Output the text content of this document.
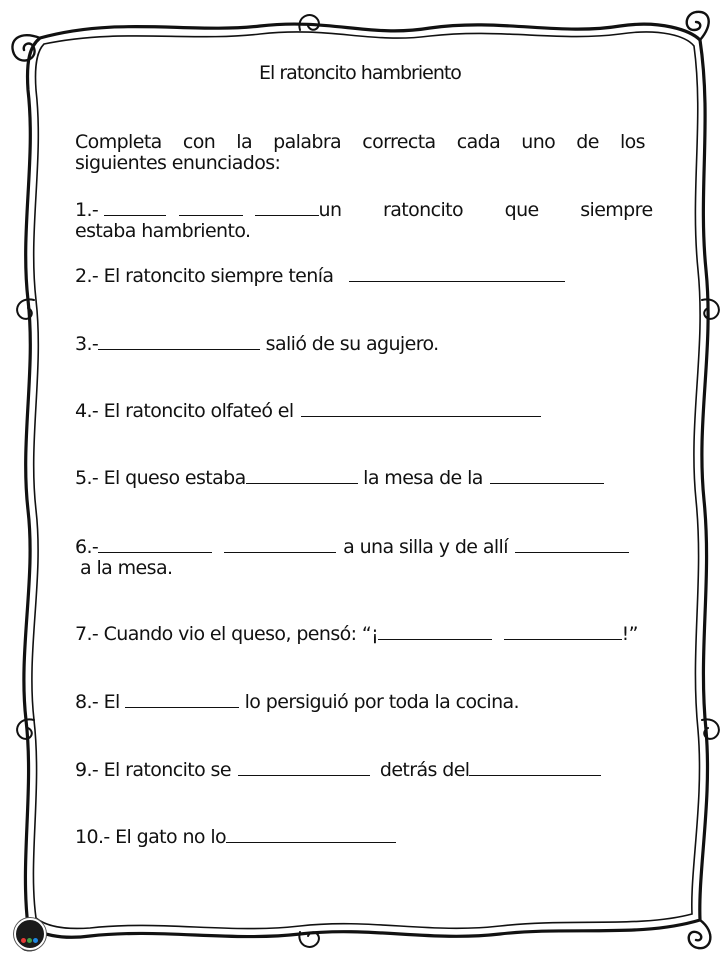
El ratoncito hambriento
Completa con la palabra correcta cada uno de los
siguientes enunciados:
1.-	un ratoncito que siempre
estaba hambriento.
2.- El ratoncito siempre tenía
3.-	salió de su agujero.
4.- El ratoncito olfateó el
5.- El queso estaba	la mesa de la
6.-	a una silla y de allí
a la mesa.
7.- Cuando vio el queso, pensó: “¡	!”
8.- El	lo persiguió por toda la cocina.
9.- El ratoncito se	detrás del
10.- El gato no lo
